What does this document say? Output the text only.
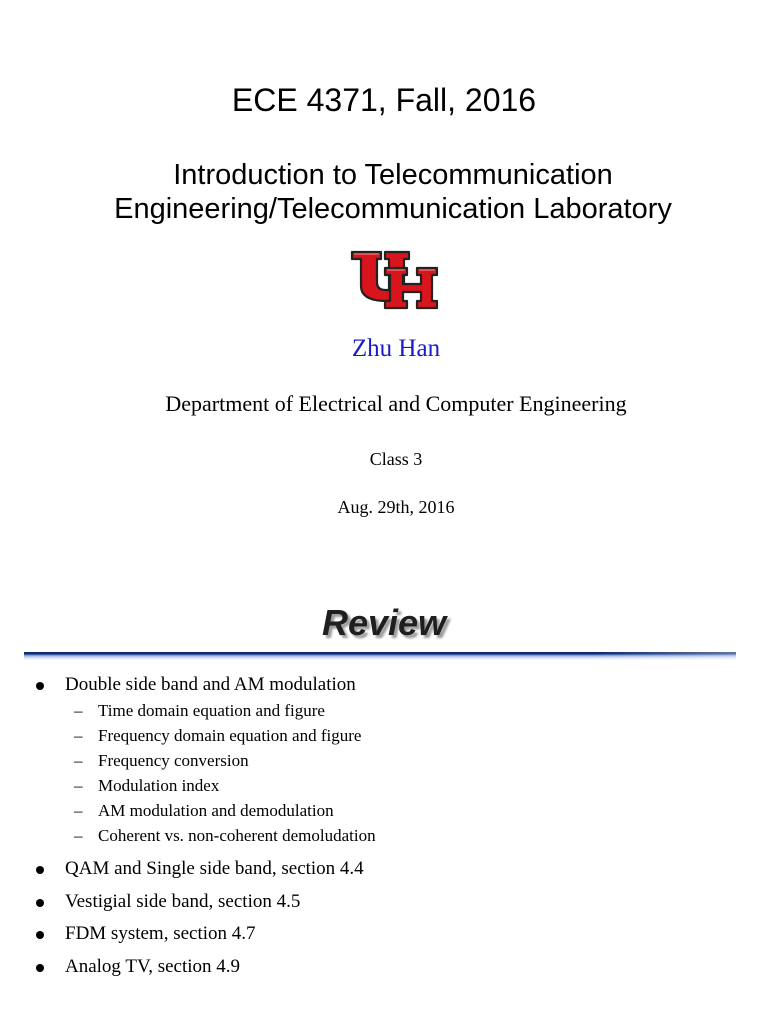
ECE 4371, Fall, 2016
Introduction to Telecommunication
Engineering/Telecommunication Laboratory
Zhu Han
Department of Electrical and Computer Engineering
Class 3
Aug. 29th, 2016
Review
Double side band and AM modulation
– Time domain equation and figure
– Frequency domain equation and figure
– Frequency conversion
– Modulation index
– AM modulation and demodulation
– Coherent vs. non-coherent demoludation
QAM and Single side band, section 4.4
Vestigial side band, section 4.5
FDM system, section 4.7
Analog TV, section 4.9
